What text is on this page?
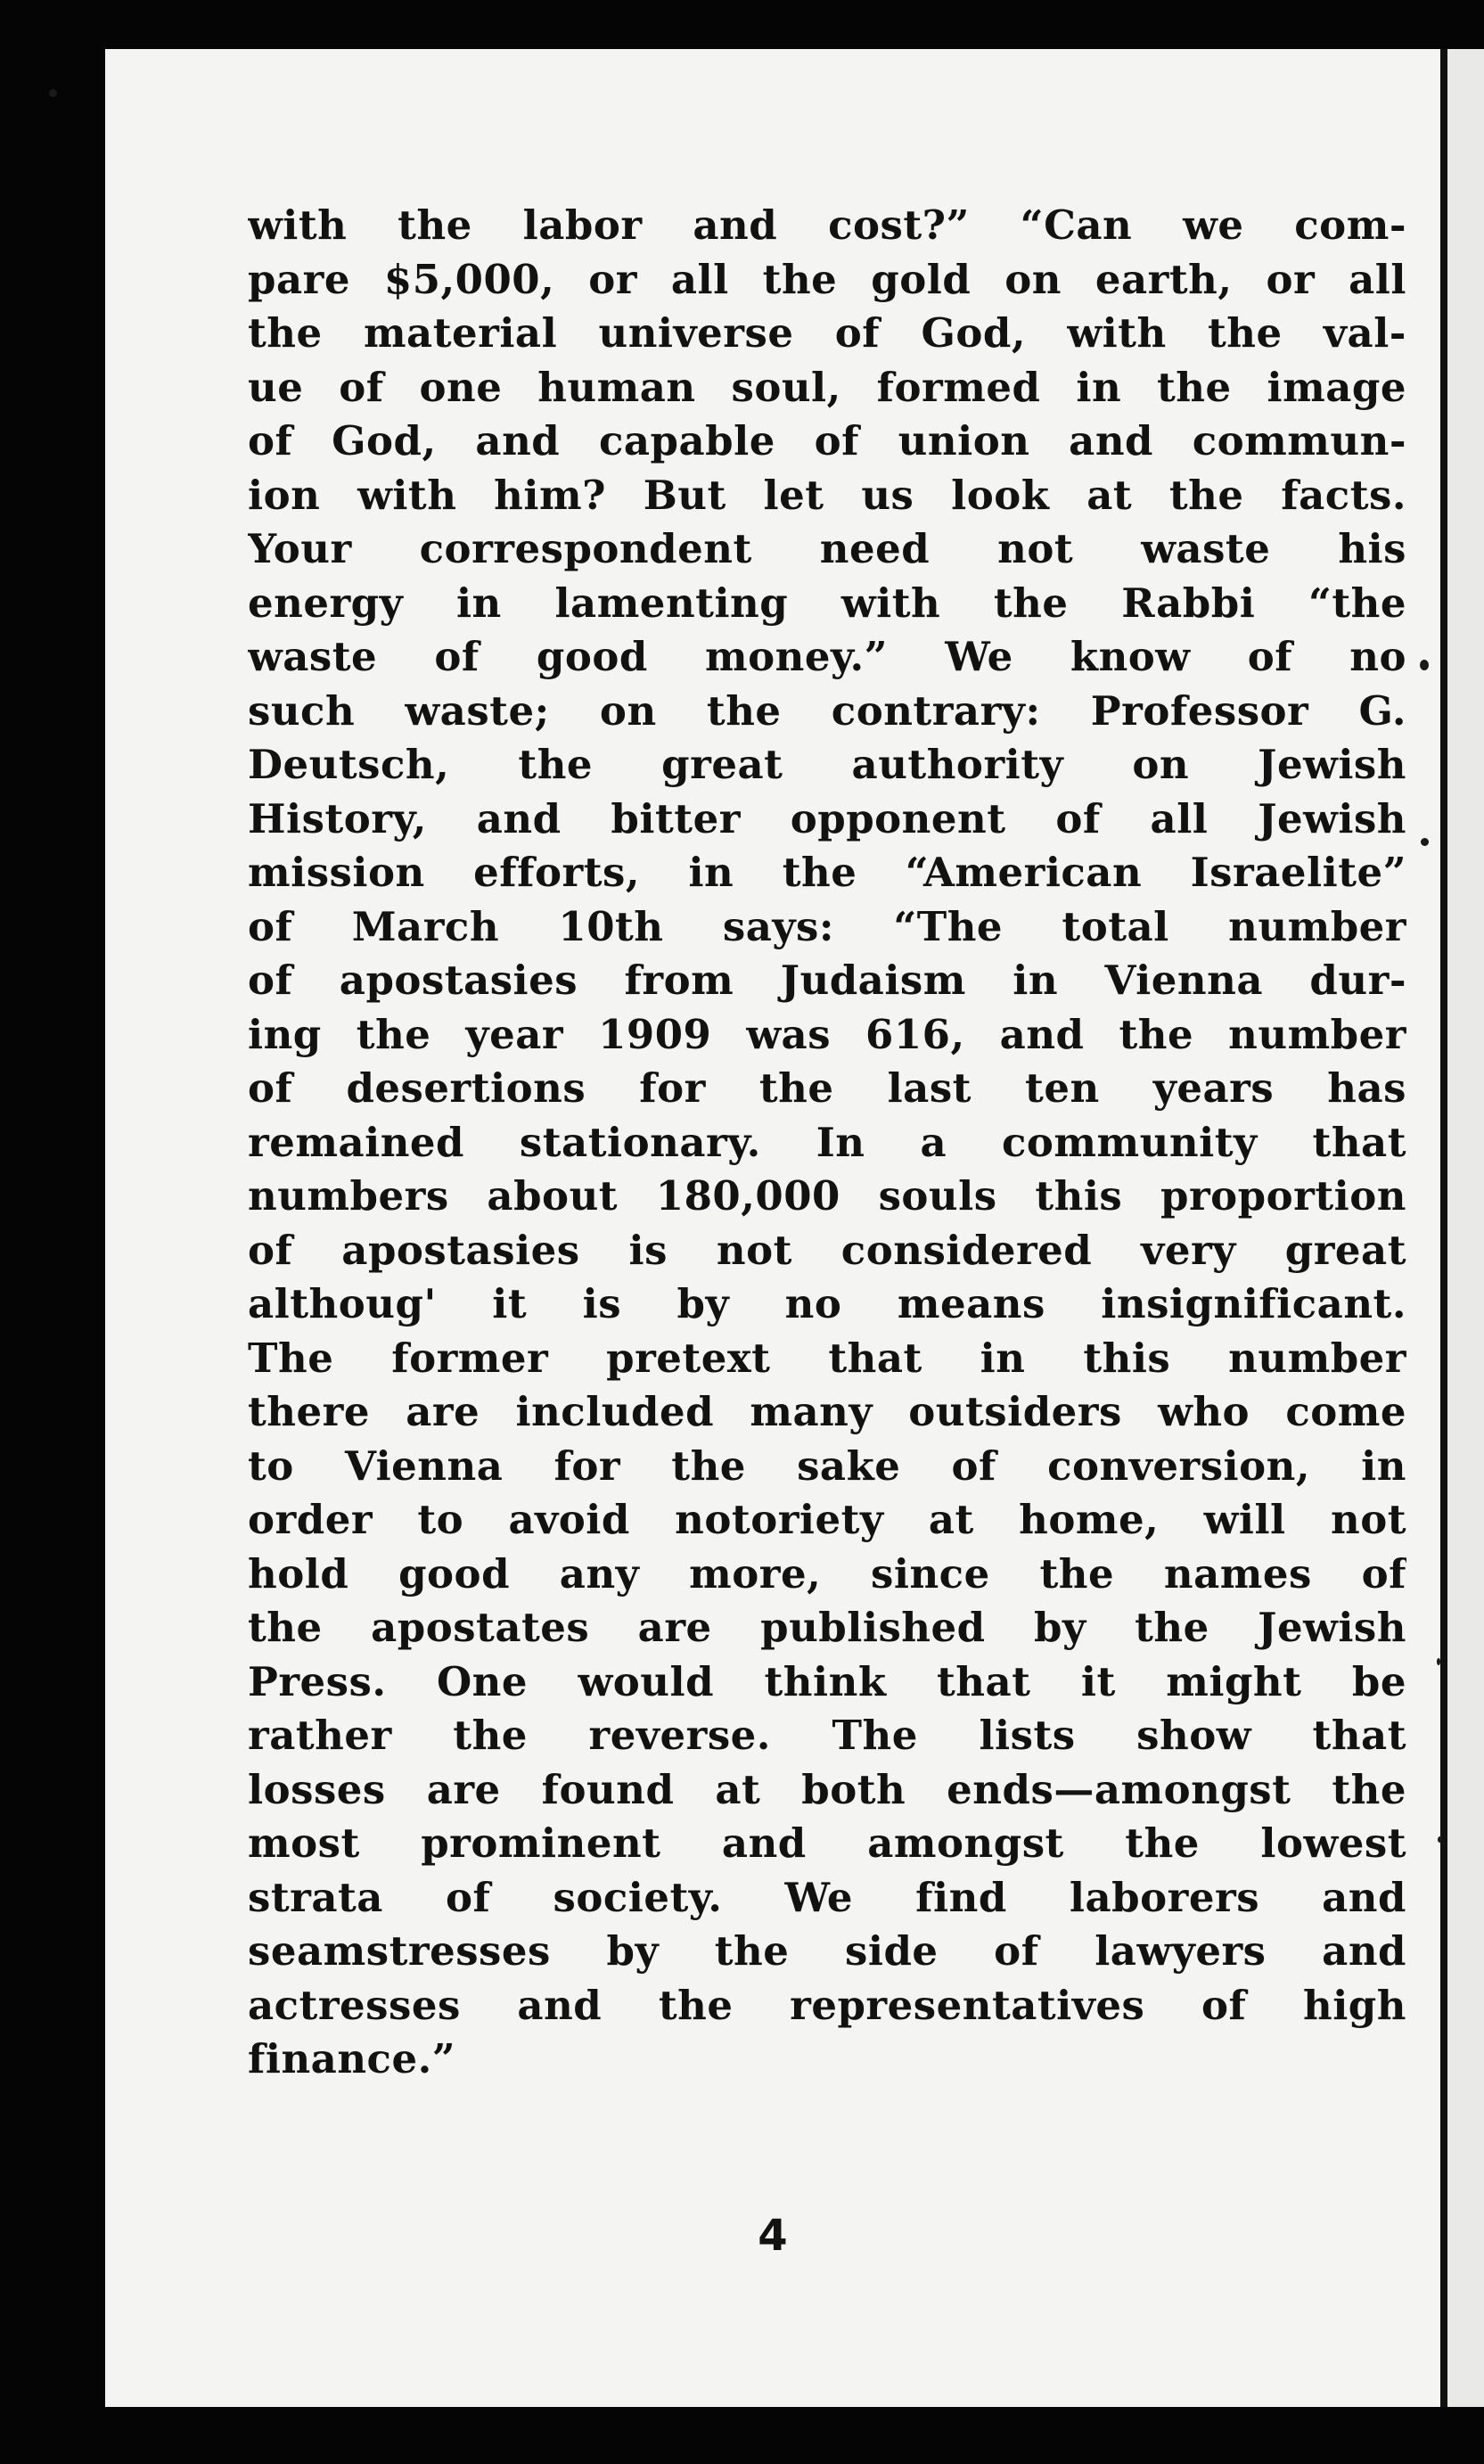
with the labor and cost?” “Can we com-
pare $5,000, or all the gold on earth, or all
the material universe of God, with the val-
ue of one human soul, formed in the image
of God, and capable of union and commun-
ion with him? But let us look at the facts.
Your correspondent need not waste his
energy in lamenting with the Rabbi “the
waste of good money.” We know of no
such waste; on the contrary: Professor G.
Deutsch, the great authority on Jewish
History, and bitter opponent of all Jewish
mission efforts, in the “American Israelite”
of March 10th says: “The total number
of apostasies from Judaism in Vienna dur-
ing the year 1909 was 616, and the number
of desertions for the last ten years has
remained stationary. In a community that
numbers about 180,000 souls this proportion
of apostasies is not considered very great
althoug' it is by no means insignificant.
The former pretext that in this number
there are included many outsiders who come
to Vienna for the sake of conversion, in
order to avoid notoriety at home, will not
hold good any more, since the names of
the apostates are published by the Jewish
Press. One would think that it might be
rather the reverse. The lists show that
losses are found at both ends—amongst the
most prominent and amongst the lowest
strata of society. We find laborers and
seamstresses by the side of lawyers and
actresses and the representatives of high
finance.”
4
